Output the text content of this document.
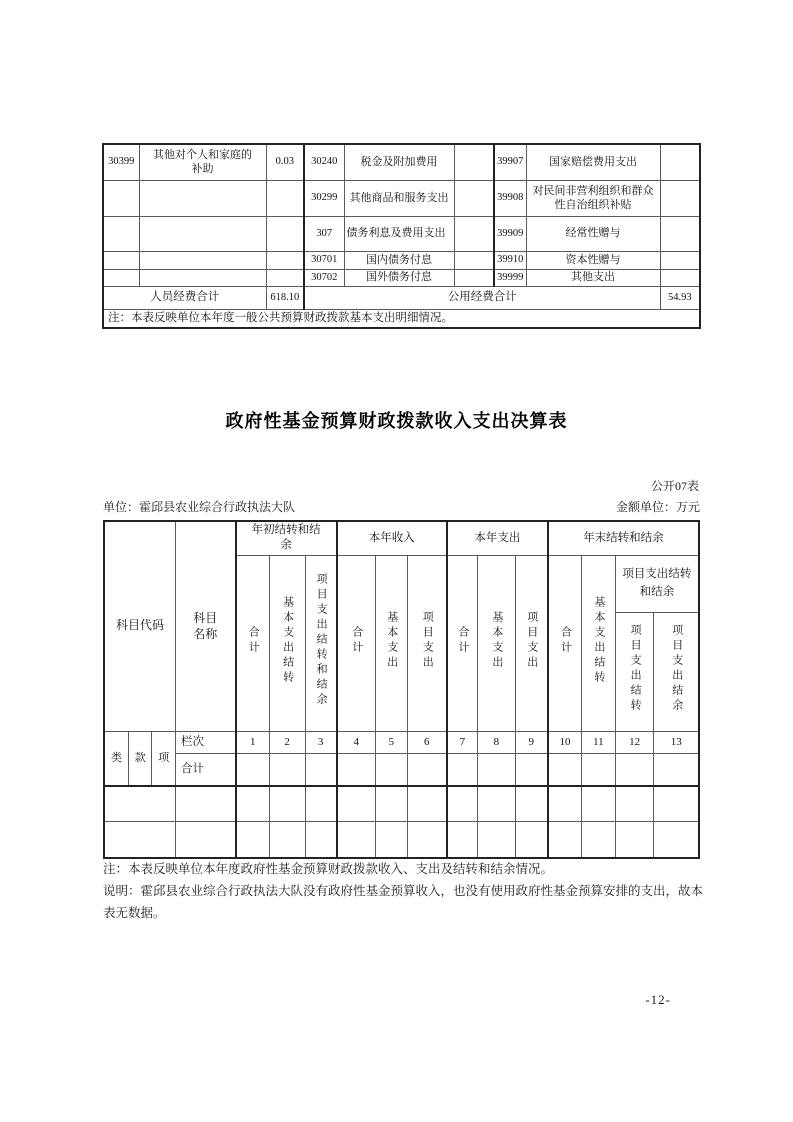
30399	其他对个人和家庭的补助	0.03	30240	税金及附加费用		39907	国家赔偿费用支出	
			30299	其他商品和服务支出		39908	对民间非营利组织和群众性自治组织补贴	
			307	债务利息及费用支出		39909	经常性赠与	
			30701	国内债务付息		39910	资本性赠与	
			30702	国外债务付息		39999	其他支出	
人员经费合计		618.10	公用经费合计					54.93
注：本表反映单位本年度一般公共预算财政拨款基本支出明细情况。								
政府性基金预算财政拨款收入支出决算表
公开07表
单位：霍邱县农业综合行政执法大队	金额单位：万元
科目代码			科目名称	年初结转和结余			本年收入			本年支出			年末结转和结余			
				合计	基本支出结转	项目支出结转和结余	合计	基本支出	项目支出	合计	基本支出	项目支出	合计	基本支出结转	项目支出结转和结余	
															项目支出结转	项目支出结余
类	款	项	栏次	1	2	3	4	5	6	7	8	9	10	11	12	13
			合计													

注：本表反映单位本年度政府性基金预算财政拨款收入、支出及结转和结余情况。

说明：霍邱县农业综合行政执法大队没有政府性基金预算收入，也没有使用政府性基金预算安排的支出，故本表无数据。

-12-
